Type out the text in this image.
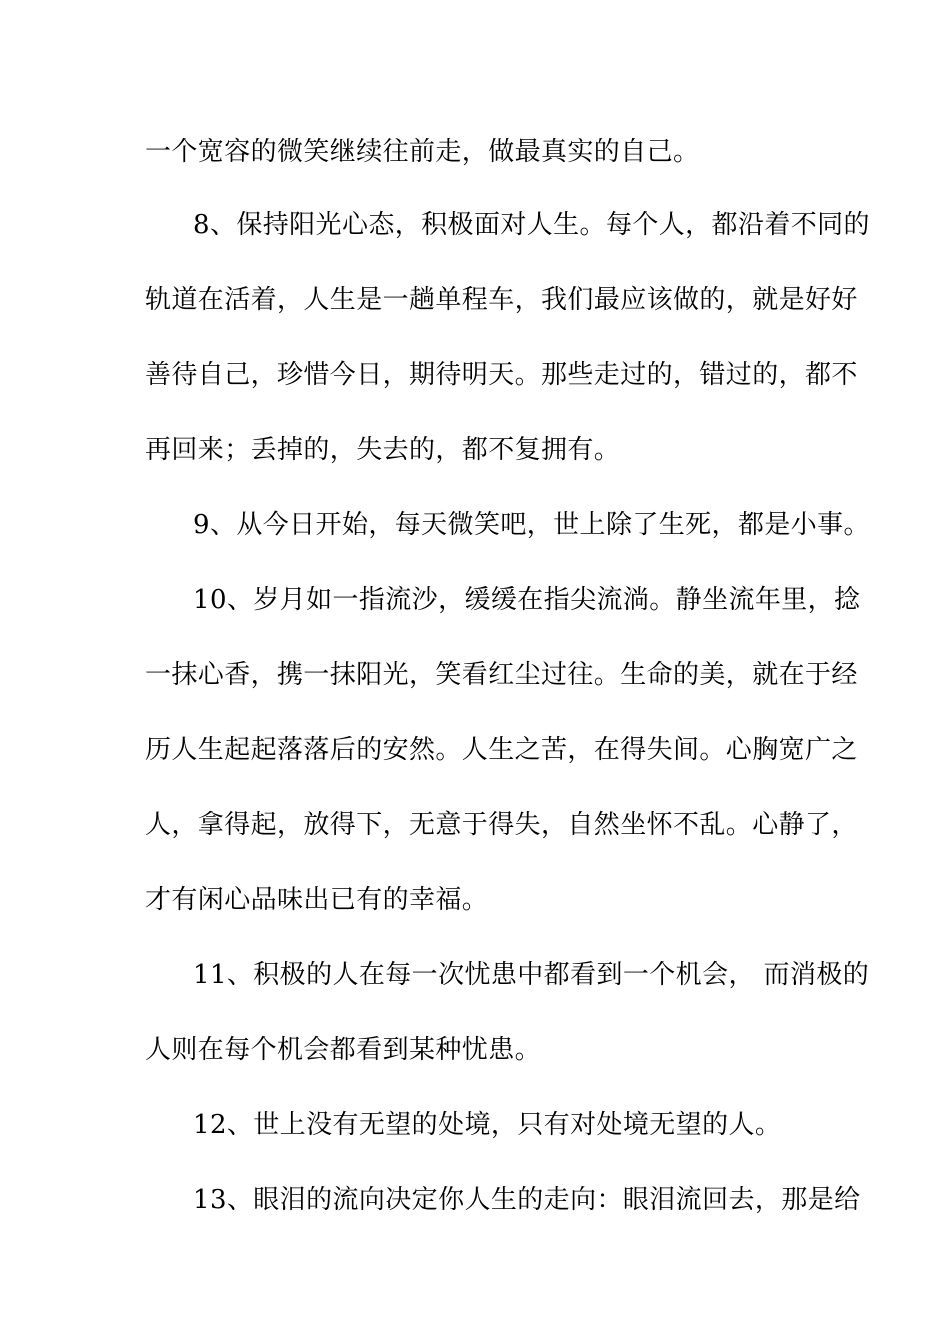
一个宽容的微笑继续往前走，做最真实的自己。
8、保持阳光心态，积极面对人生。每个人，都沿着不同的
轨道在活着，人生是一趟单程车，我们最应该做的，就是好好
善待自己，珍惜今日，期待明天。那些走过的，错过的，都不
再回来；丢掉的，失去的，都不复拥有。
9、从今日开始，每天微笑吧，世上除了生死，都是小事。
10、岁月如一指流沙，缓缓在指尖流淌。静坐流年里，捻
一抹心香，携一抹阳光，笑看红尘过往。生命的美，就在于经
历人生起起落落后的安然。人生之苦，在得失间。心胸宽广之
人，拿得起，放得下，无意于得失，自然坐怀不乱。心静了，
才有闲心品味出已有的幸福。
11、积极的人在每一次忧患中都看到一个机会， 而消极的
人则在每个机会都看到某种忧患。
12、世上没有无望的处境，只有对处境无望的人。
13、眼泪的流向决定你人生的走向：眼泪流回去，那是给
